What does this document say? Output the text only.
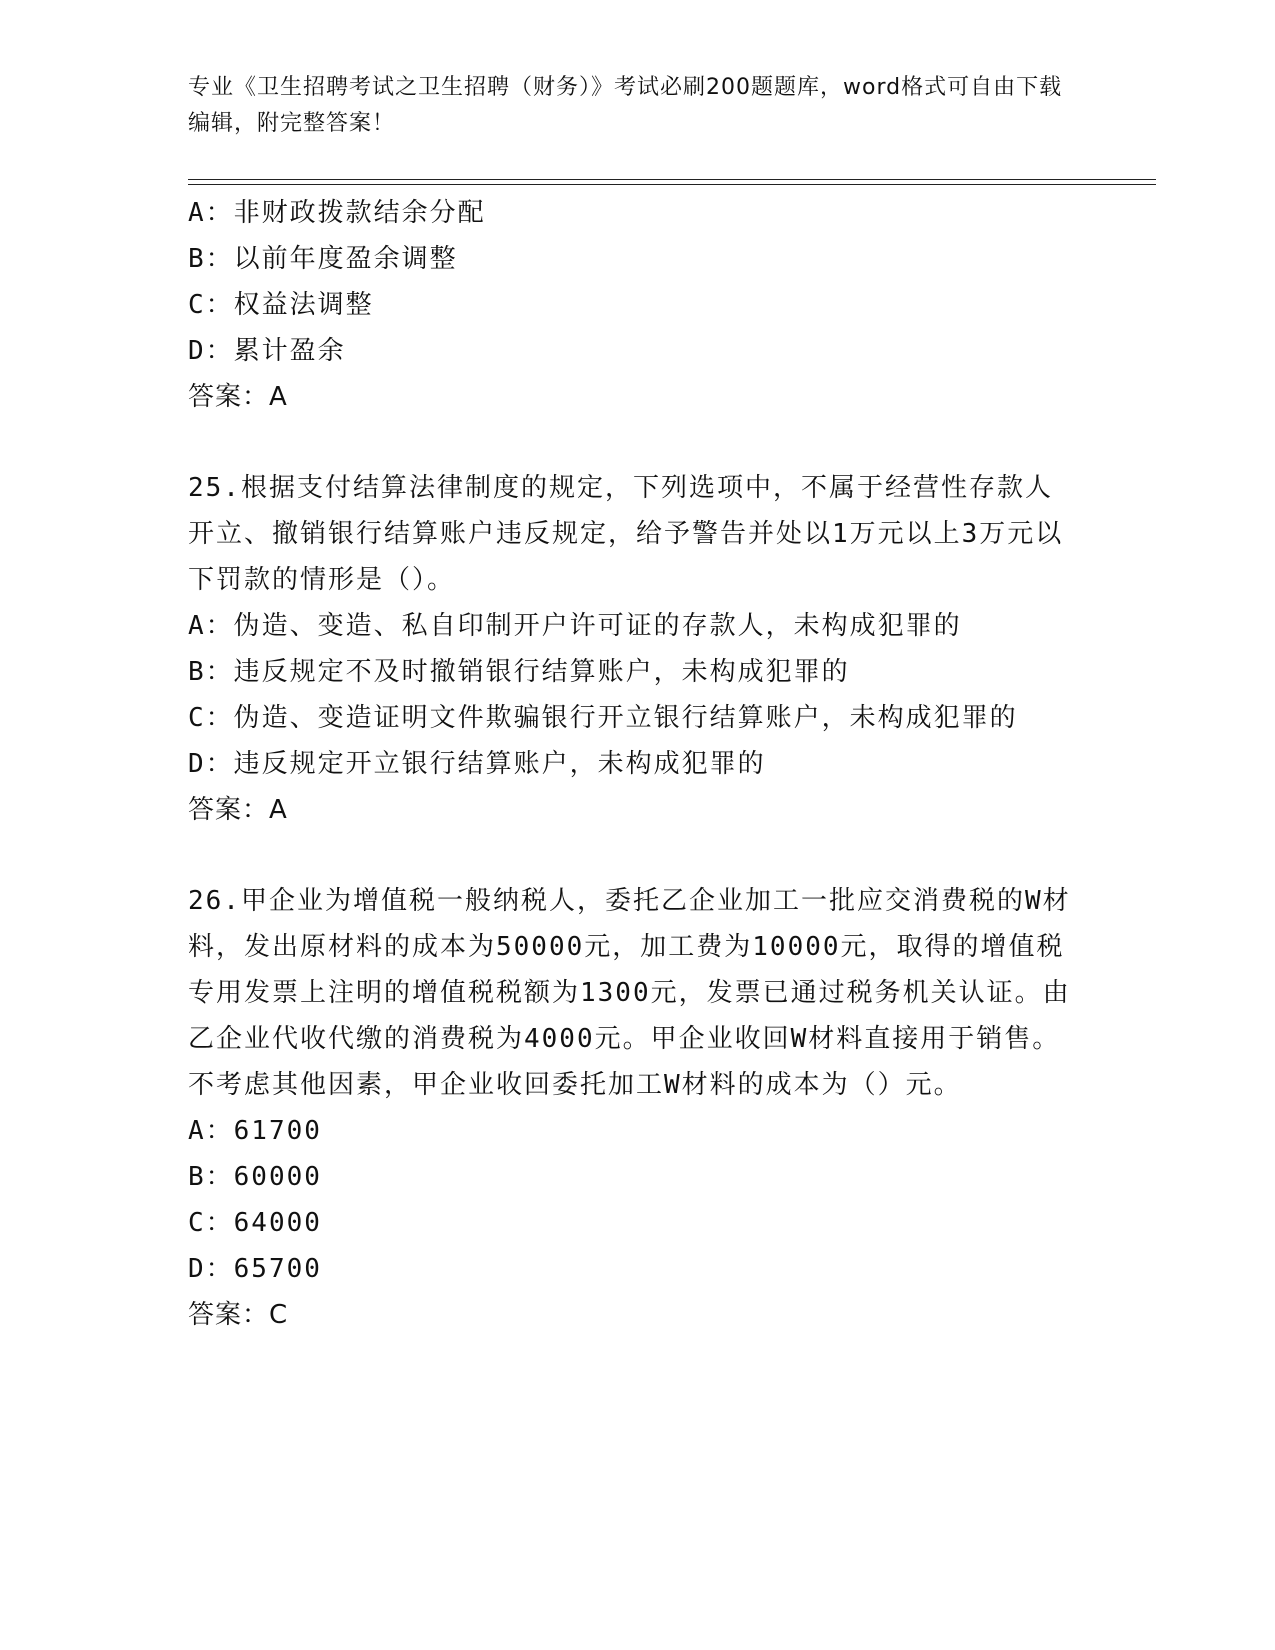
专业《卫生招聘考试之卫生招聘（财务）》考试必刷200题题库，word格式可自由下载编辑，附完整答案！
A：非财政拨款结余分配
B：以前年度盈余调整
C：权益法调整
D：累计盈余
答案：A
25.根据支付结算法律制度的规定，下列选项中，不属于经营性存款人开立、撤销银行结算账户违反规定，给予警告并处以1万元以上3万元以下罚款的情形是（）。
A：伪造、变造、私自印制开户许可证的存款人，未构成犯罪的
B：违反规定不及时撤销银行结算账户，未构成犯罪的
C：伪造、变造证明文件欺骗银行开立银行结算账户，未构成犯罪的
D：违反规定开立银行结算账户，未构成犯罪的
答案：A
26.甲企业为增值税一般纳税人，委托乙企业加工一批应交消费税的W材料，发出原材料的成本为50000元，加工费为10000元，取得的增值税专用发票上注明的增值税税额为1300元，发票已通过税务机关认证。由乙企业代收代缴的消费税为4000元。甲企业收回W材料直接用于销售。不考虑其他因素，甲企业收回委托加工W材料的成本为（）元。
A：61700
B：60000
C：64000
D：65700
答案：C
